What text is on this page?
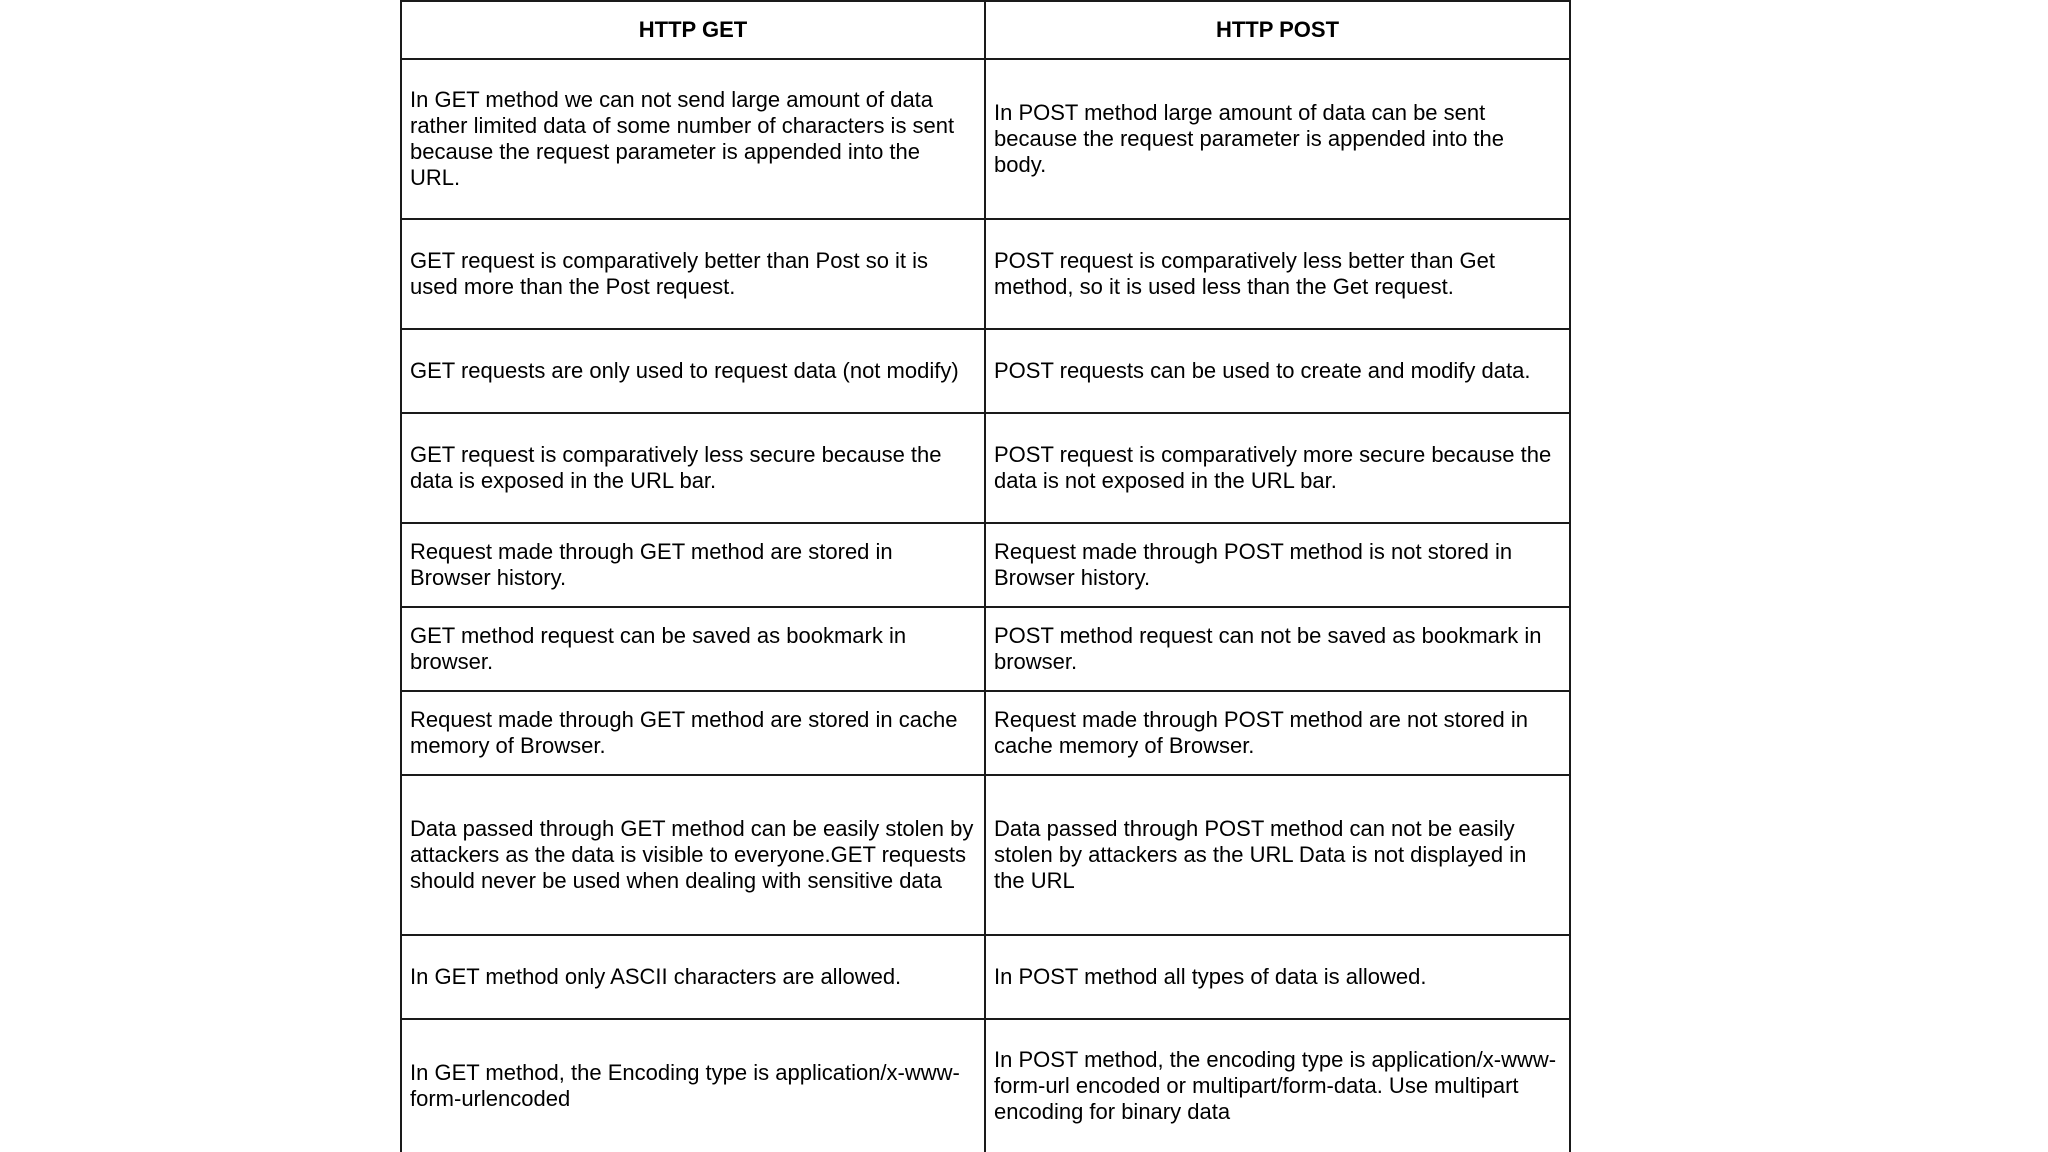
HTTP GET	HTTP POST
In GET method we can not send large amount of data rather limited data of some number of characters is sent because the request parameter is appended into the URL.	In POST method large amount of data can be sent because the request parameter is appended into the body.
GET request is comparatively better than Post so it is used more than the Post request.	POST request is comparatively less better than Get method, so it is used less than the Get request.
GET requests are only used to request data (not modify)	POST requests can be used to create and modify data.
GET request is comparatively less secure because the data is exposed in the URL bar.	POST request is comparatively more secure because the data is not exposed in the URL bar.
Request made through GET method are stored in Browser history.	Request made through POST method is not stored in Browser history.
GET method request can be saved as bookmark in browser.	POST method request can not be saved as bookmark in browser.
Request made through GET method are stored in cache memory of Browser.	Request made through POST method are not stored in cache memory of Browser.
Data passed through GET method can be easily stolen by attackers as the data is visible to everyone.GET requests should never be used when dealing with sensitive data	Data passed through POST method can not be easily stolen by attackers as the URL Data is not displayed in the URL
In GET method only ASCII characters are allowed.	In POST method all types of data is allowed.
In GET method, the Encoding type is application/x-www-form-urlencoded	In POST method, the encoding type is application/x-www-form-url encoded or multipart/form-data. Use multipart encoding for binary data
